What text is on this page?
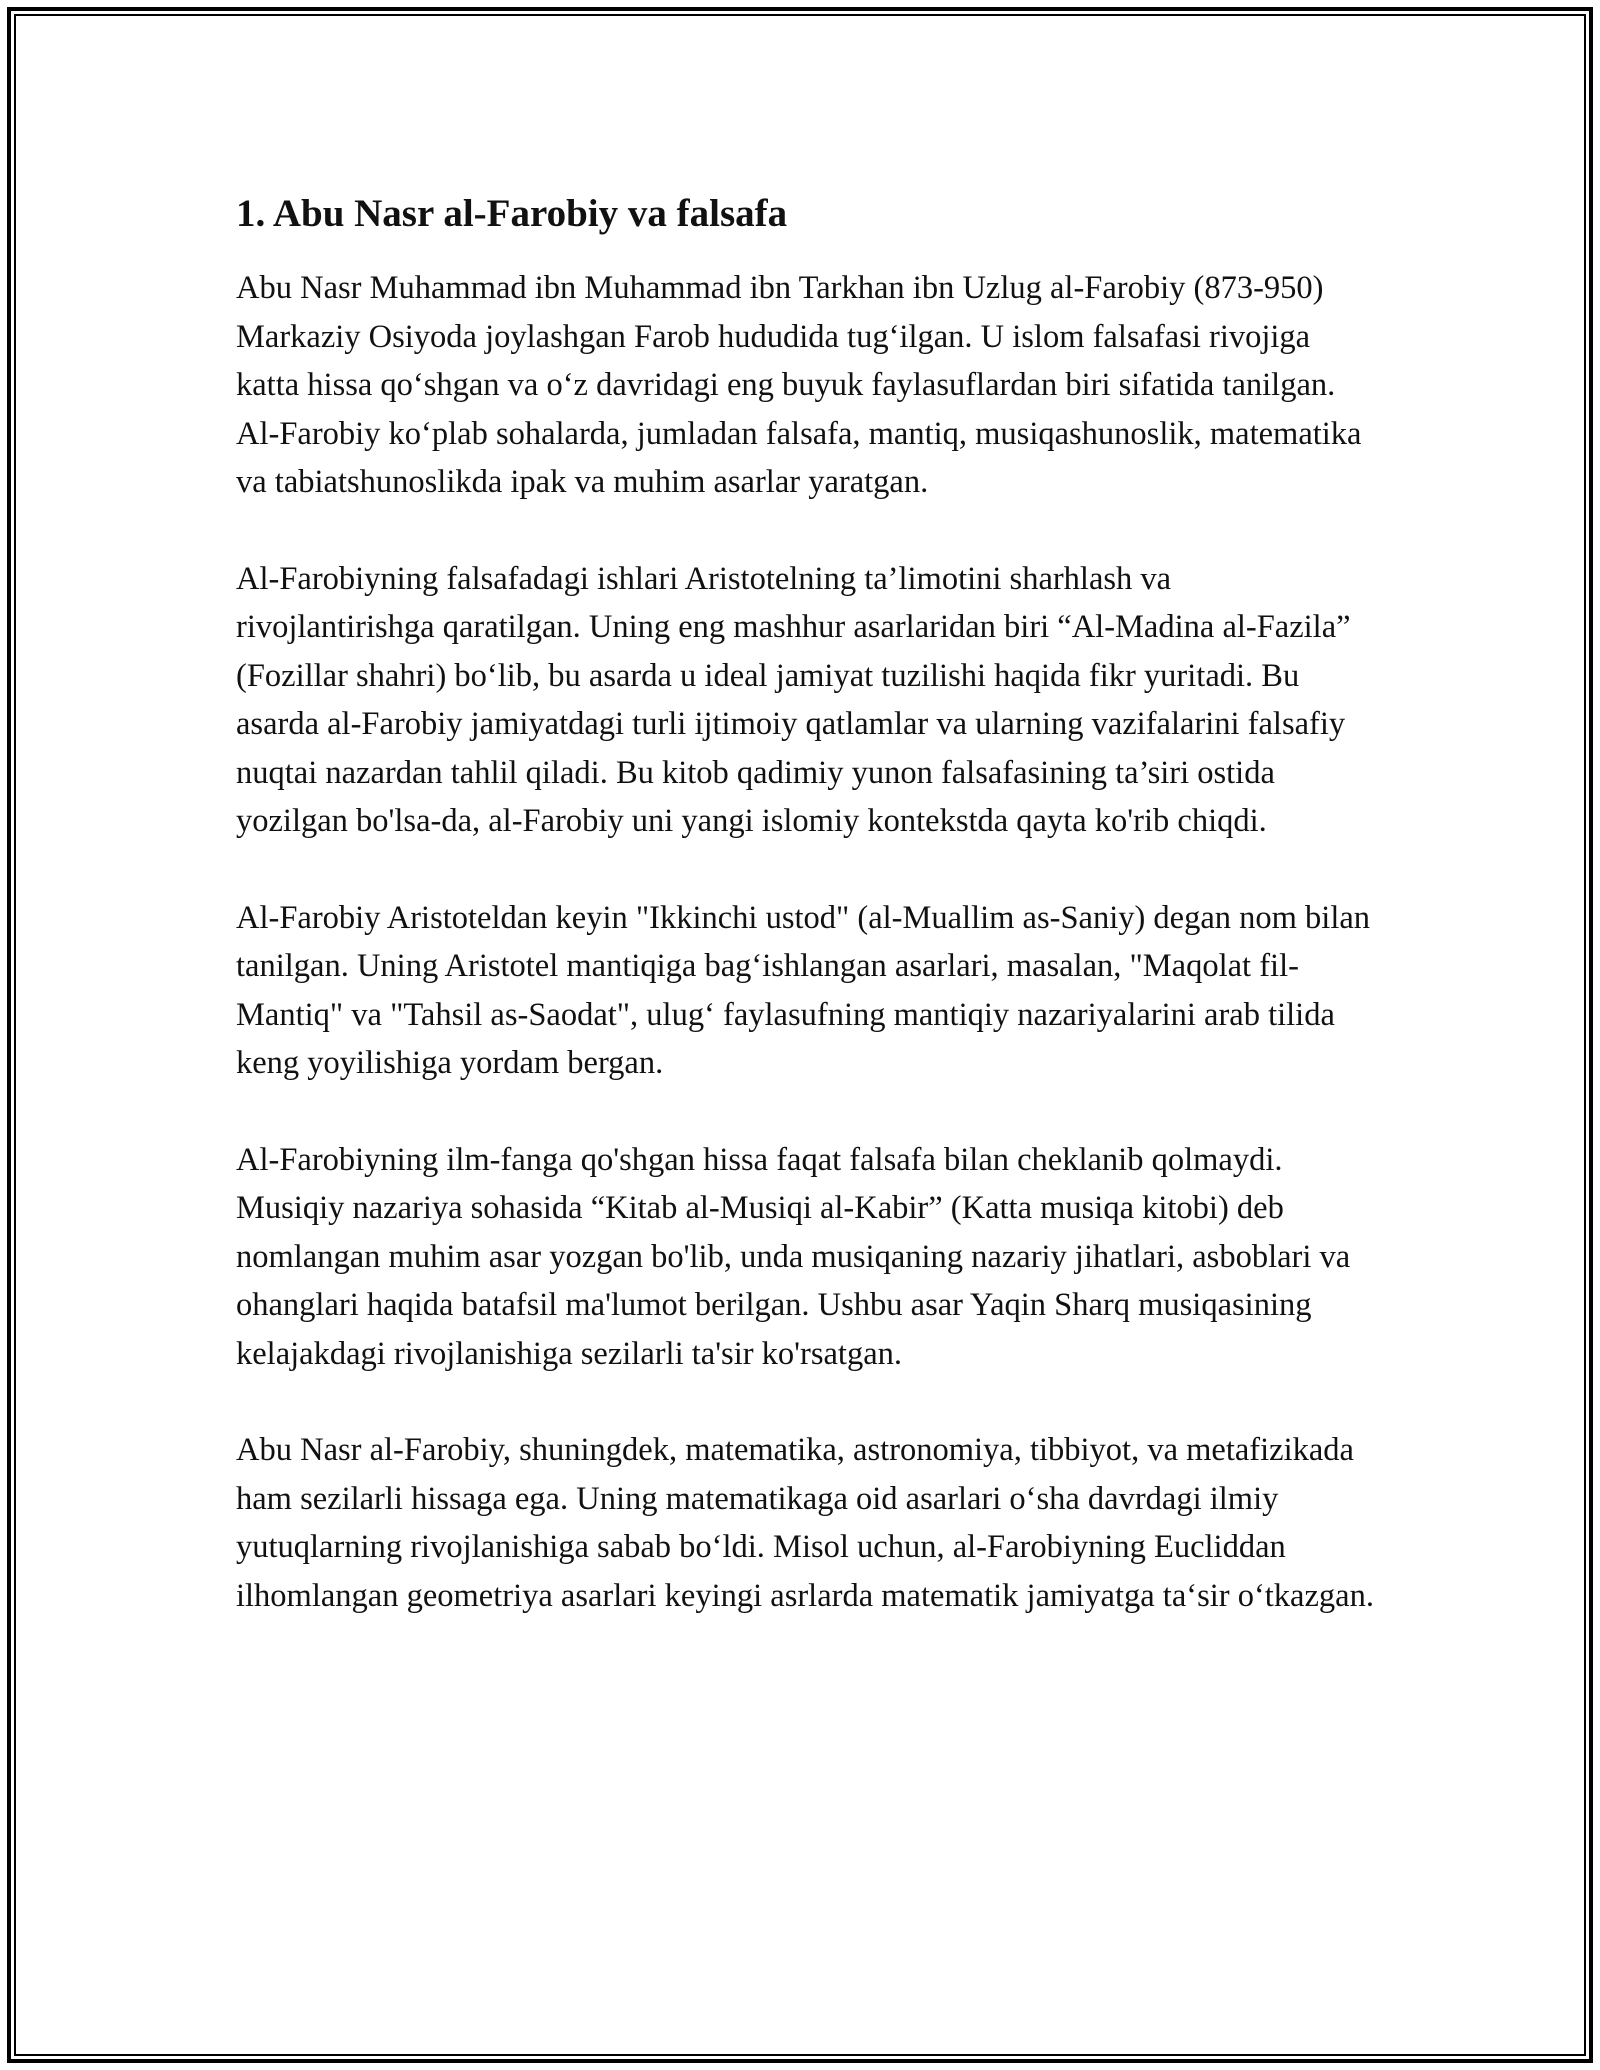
1. Abu Nasr al-Farobiy va falsafa

Abu Nasr Muhammad ibn Muhammad ibn Tarkhan ibn Uzlug al-Farobiy (873-950) Markaziy Osiyoda joylashgan Farob hududida tug‘ilgan. U islom falsafasi rivojiga katta hissa qo‘shgan va o‘z davridagi eng buyuk faylasuflardan biri sifatida tanilgan. Al-Farobiy ko‘plab sohalarda, jumladan falsafa, mantiq, musiqashunoslik, matematika va tabiatshunoslikda ipak va muhim asarlar yaratgan.

Al-Farobiyning falsafadagi ishlari Aristotelning ta’limotini sharhlash va rivojlantirishga qaratilgan. Uning eng mashhur asarlaridan biri “Al-Madina al-Fazila” (Fozillar shahri) bo‘lib, bu asarda u ideal jamiyat tuzilishi haqida fikr yuritadi. Bu asarda al-Farobiy jamiyatdagi turli ijtimoiy qatlamlar va ularning vazifalarini falsafiy nuqtai nazardan tahlil qiladi. Bu kitob qadimiy yunon falsafasining ta’siri ostida yozilgan bo'lsa-da, al-Farobiy uni yangi islomiy kontekstda qayta ko'rib chiqdi.

Al-Farobiy Aristoteldan keyin "Ikkinchi ustod" (al-Muallim as-Saniy) degan nom bilan tanilgan. Uning Aristotel mantiqiga bag‘ishlangan asarlari, masalan, "Maqolat fil-Mantiq" va "Tahsil as-Saodat", ulug‘ faylasufning mantiqiy nazariyalarini arab tilida keng yoyilishiga yordam bergan.

Al-Farobiyning ilm-fanga qo'shgan hissa faqat falsafa bilan cheklanib qolmaydi. Musiqiy nazariya sohasida “Kitab al-Musiqi al-Kabir” (Katta musiqa kitobi) deb nomlangan muhim asar yozgan bo'lib, unda musiqaning nazariy jihatlari, asboblari va ohanglari haqida batafsil ma'lumot berilgan. Ushbu asar Yaqin Sharq musiqasining kelajakdagi rivojlanishiga sezilarli ta'sir ko'rsatgan.

Abu Nasr al-Farobiy, shuningdek, matematika, astronomiya, tibbiyot, va metafizikada ham sezilarli hissaga ega. Uning matematikaga oid asarlari o‘sha davrdagi ilmiy yutuqlarning rivojlanishiga sabab bo‘ldi. Misol uchun, al-Farobiyning Eucliddan ilhomlangan geometriya asarlari keyingi asrlarda matematik jamiyatga ta‘sir o‘tkazgan.
